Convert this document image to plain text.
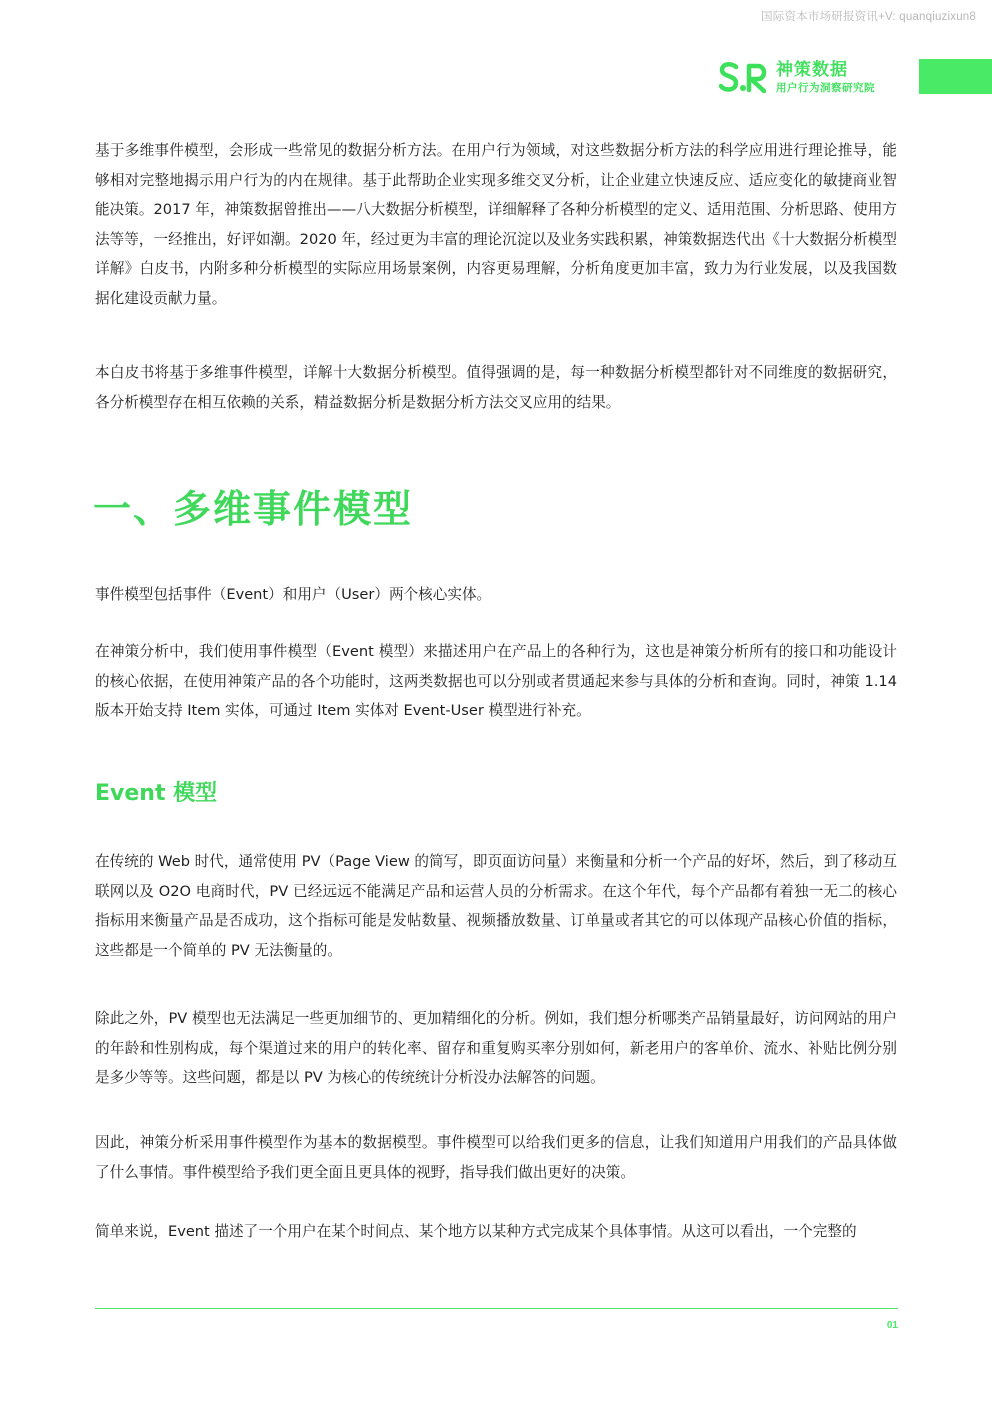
国际资本市场研报资讯+V: quanqiuzixun8
神策数据
用户行为洞察研究院

基于多维事件模型，会形成一些常见的数据分析方法。在用户行为领域，对这些数据分析方法的科学应用进行理论推导，能够相对完整地揭示用户行为的内在规律。基于此帮助企业实现多维交叉分析，让企业建立快速反应、适应变化的敏捷商业智能决策。2017 年，神策数据曾推出——八大数据分析模型，详细解释了各种分析模型的定义、适用范围、分析思路、使用方法等等，一经推出，好评如潮。2020 年，经过更为丰富的理论沉淀以及业务实践积累，神策数据迭代出《十大数据分析模型详解》白皮书，内附多种分析模型的实际应用场景案例，内容更易理解，分析角度更加丰富，致力为行业发展，以及我国数据化建设贡献力量。

本白皮书将基于多维事件模型，详解十大数据分析模型。值得强调的是，每一种数据分析模型都针对不同维度的数据研究，各分析模型存在相互依赖的关系，精益数据分析是数据分析方法交叉应用的结果。

一、多维事件模型

事件模型包括事件（Event）和用户（User）两个核心实体。

在神策分析中，我们使用事件模型（Event 模型）来描述用户在产品上的各种行为，这也是神策分析所有的接口和功能设计的核心依据，在使用神策产品的各个功能时，这两类数据也可以分别或者贯通起来参与具体的分析和查询。同时，神策 1.14 版本开始支持 Item 实体，可通过 Item 实体对 Event-User 模型进行补充。

Event 模型

在传统的 Web 时代，通常使用 PV（Page View 的简写，即页面访问量）来衡量和分析一个产品的好坏，然后，到了移动互联网以及 O2O 电商时代，PV 已经远远不能满足产品和运营人员的分析需求。在这个年代，每个产品都有着独一无二的核心指标用来衡量产品是否成功，这个指标可能是发帖数量、视频播放数量、订单量或者其它的可以体现产品核心价值的指标，这些都是一个简单的 PV 无法衡量的。

除此之外，PV 模型也无法满足一些更加细节的、更加精细化的分析。例如，我们想分析哪类产品销量最好，访问网站的用户的年龄和性别构成，每个渠道过来的用户的转化率、留存和重复购买率分别如何，新老用户的客单价、流水、补贴比例分别是多少等等。这些问题，都是以 PV 为核心的传统统计分析没办法解答的问题。

因此，神策分析采用事件模型作为基本的数据模型。事件模型可以给我们更多的信息，让我们知道用户用我们的产品具体做了什么事情。事件模型给予我们更全面且更具体的视野，指导我们做出更好的决策。

简单来说，Event 描述了一个用户在某个时间点、某个地方以某种方式完成某个具体事情。从这可以看出，一个完整的

01
